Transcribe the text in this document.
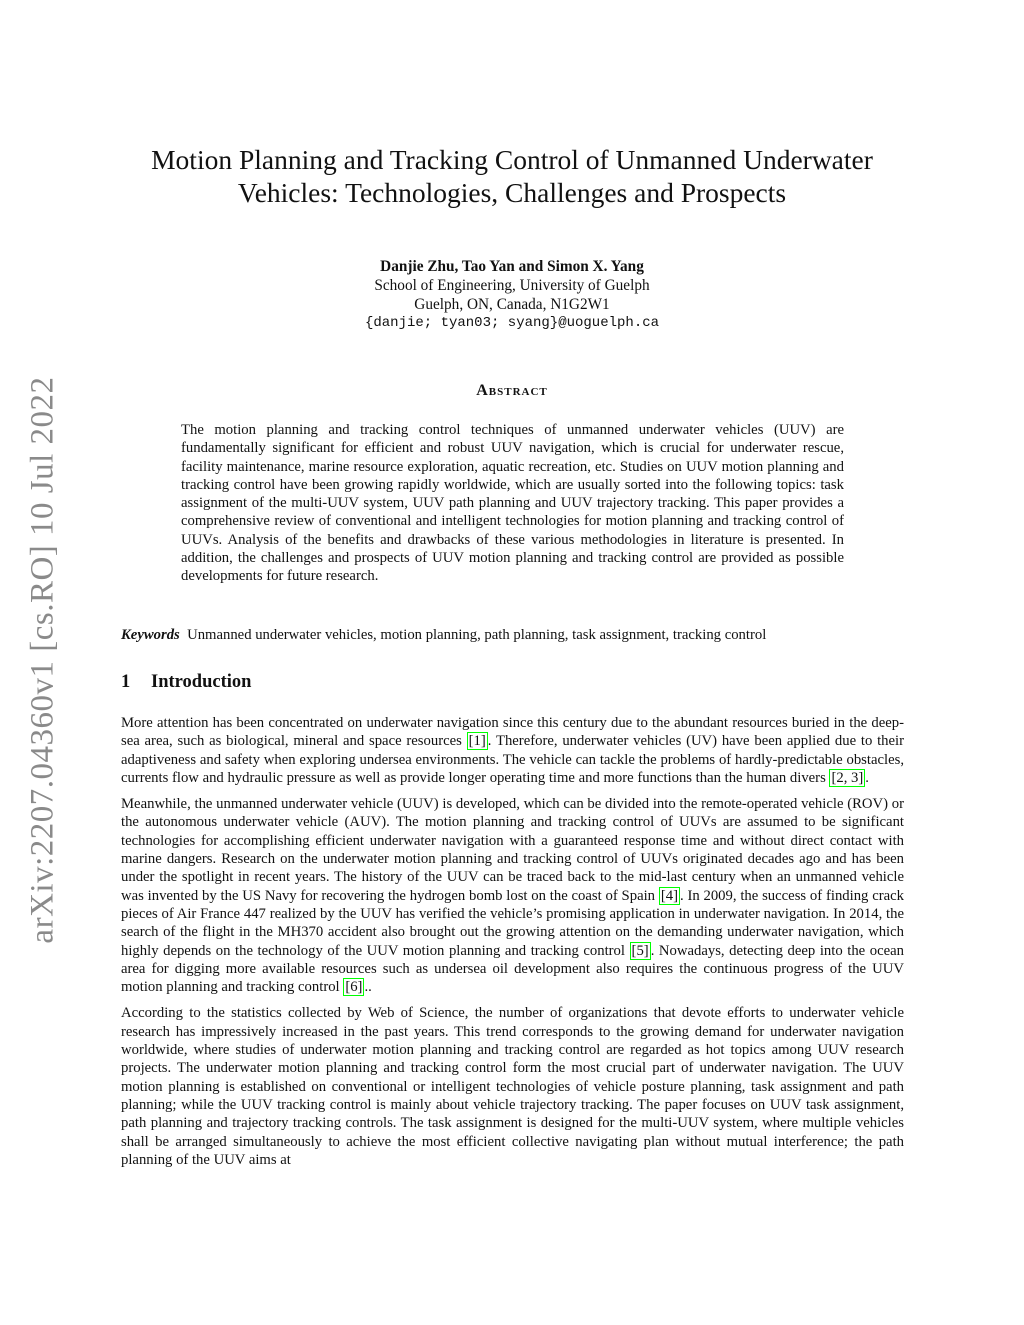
arXiv:2207.04360v1 [cs.RO] 10 Jul 2022
Motion Planning and Tracking Control of Unmanned Underwater
Vehicles: Technologies, Challenges and Prospects
Danjie Zhu, Tao Yan and Simon X. Yang
School of Engineering, University of Guelph
Guelph, ON, Canada, N1G2W1
{danjie; tyan03; syang}@uoguelph.ca
Abstract

The motion planning and tracking control techniques of unmanned underwater vehicles (UUV) are fundamentally significant for efficient and robust UUV navigation, which is crucial for underwater rescue, facility maintenance, marine resource exploration, aquatic recreation, etc. Studies on UUV motion planning and tracking control have been growing rapidly worldwide, which are usually sorted into the following topics: task assignment of the multi-UUV system, UUV path planning and UUV trajectory tracking. This paper provides a comprehensive review of conventional and intelligent technologies for motion planning and tracking control of UUVs. Analysis of the benefits and drawbacks of these various methodologies in literature is presented. In addition, the challenges and prospects of UUV motion planning and tracking control are provided as possible developments for future research.

Keywords Unmanned underwater vehicles, motion planning, path planning, task assignment, tracking control

1 Introduction

More attention has been concentrated on underwater navigation since this century due to the abundant resources buried in the deep-sea area, such as biological, mineral and space resources [1] . Therefore, underwater vehicles (UV) have been applied due to their adaptiveness and safety when exploring undersea environments. The vehicle can tackle the problems of hardly-predictable obstacles, currents flow and hydraulic pressure as well as provide longer operating time and more functions than the human divers [2, 3] .

Meanwhile, the unmanned underwater vehicle (UUV) is developed, which can be divided into the remote-operated vehicle (ROV) or the autonomous underwater vehicle (AUV). The motion planning and tracking control of UUVs are assumed to be significant technologies for accomplishing efficient underwater navigation with a guaranteed response time and without direct contact with marine dangers. Research on the underwater motion planning and tracking control of UUVs originated decades ago and has been under the spotlight in recent years. The history of the UUV can be traced back to the mid-last century when an unmanned vehicle was invented by the US Navy for recovering the hydrogen bomb lost on the coast of Spain [4] . In 2009, the success of finding crack pieces of Air France 447 realized by the UUV has verified the vehicle’s promising application in underwater navigation. In 2014, the search of the flight in the MH370 accident also brought out the growing attention on the demanding underwater navigation, which highly depends on the technology of the UUV motion planning and tracking control [5] . Nowadays, detecting deep into the ocean area for digging more available resources such as undersea oil development also requires the continuous progress of the UUV motion planning and tracking control [6] ..

According to the statistics collected by Web of Science, the number of organizations that devote efforts to underwater vehicle research has impressively increased in the past years. This trend corresponds to the growing demand for underwater navigation worldwide, where studies of underwater motion planning and tracking control are regarded as hot topics among UUV research projects. The underwater motion planning and tracking control form the most crucial part of underwater navigation. The UUV motion planning is established on conventional or intelligent technologies of vehicle posture planning, task assignment and path planning; while the UUV tracking control is mainly about vehicle trajectory tracking. The paper focuses on UUV task assignment, path planning and trajectory tracking controls. The task assignment is designed for the multi-UUV system, where multiple vehicles shall be arranged simultaneously to achieve the most efficient collective navigating plan without mutual interference; the path planning of the UUV aims at
